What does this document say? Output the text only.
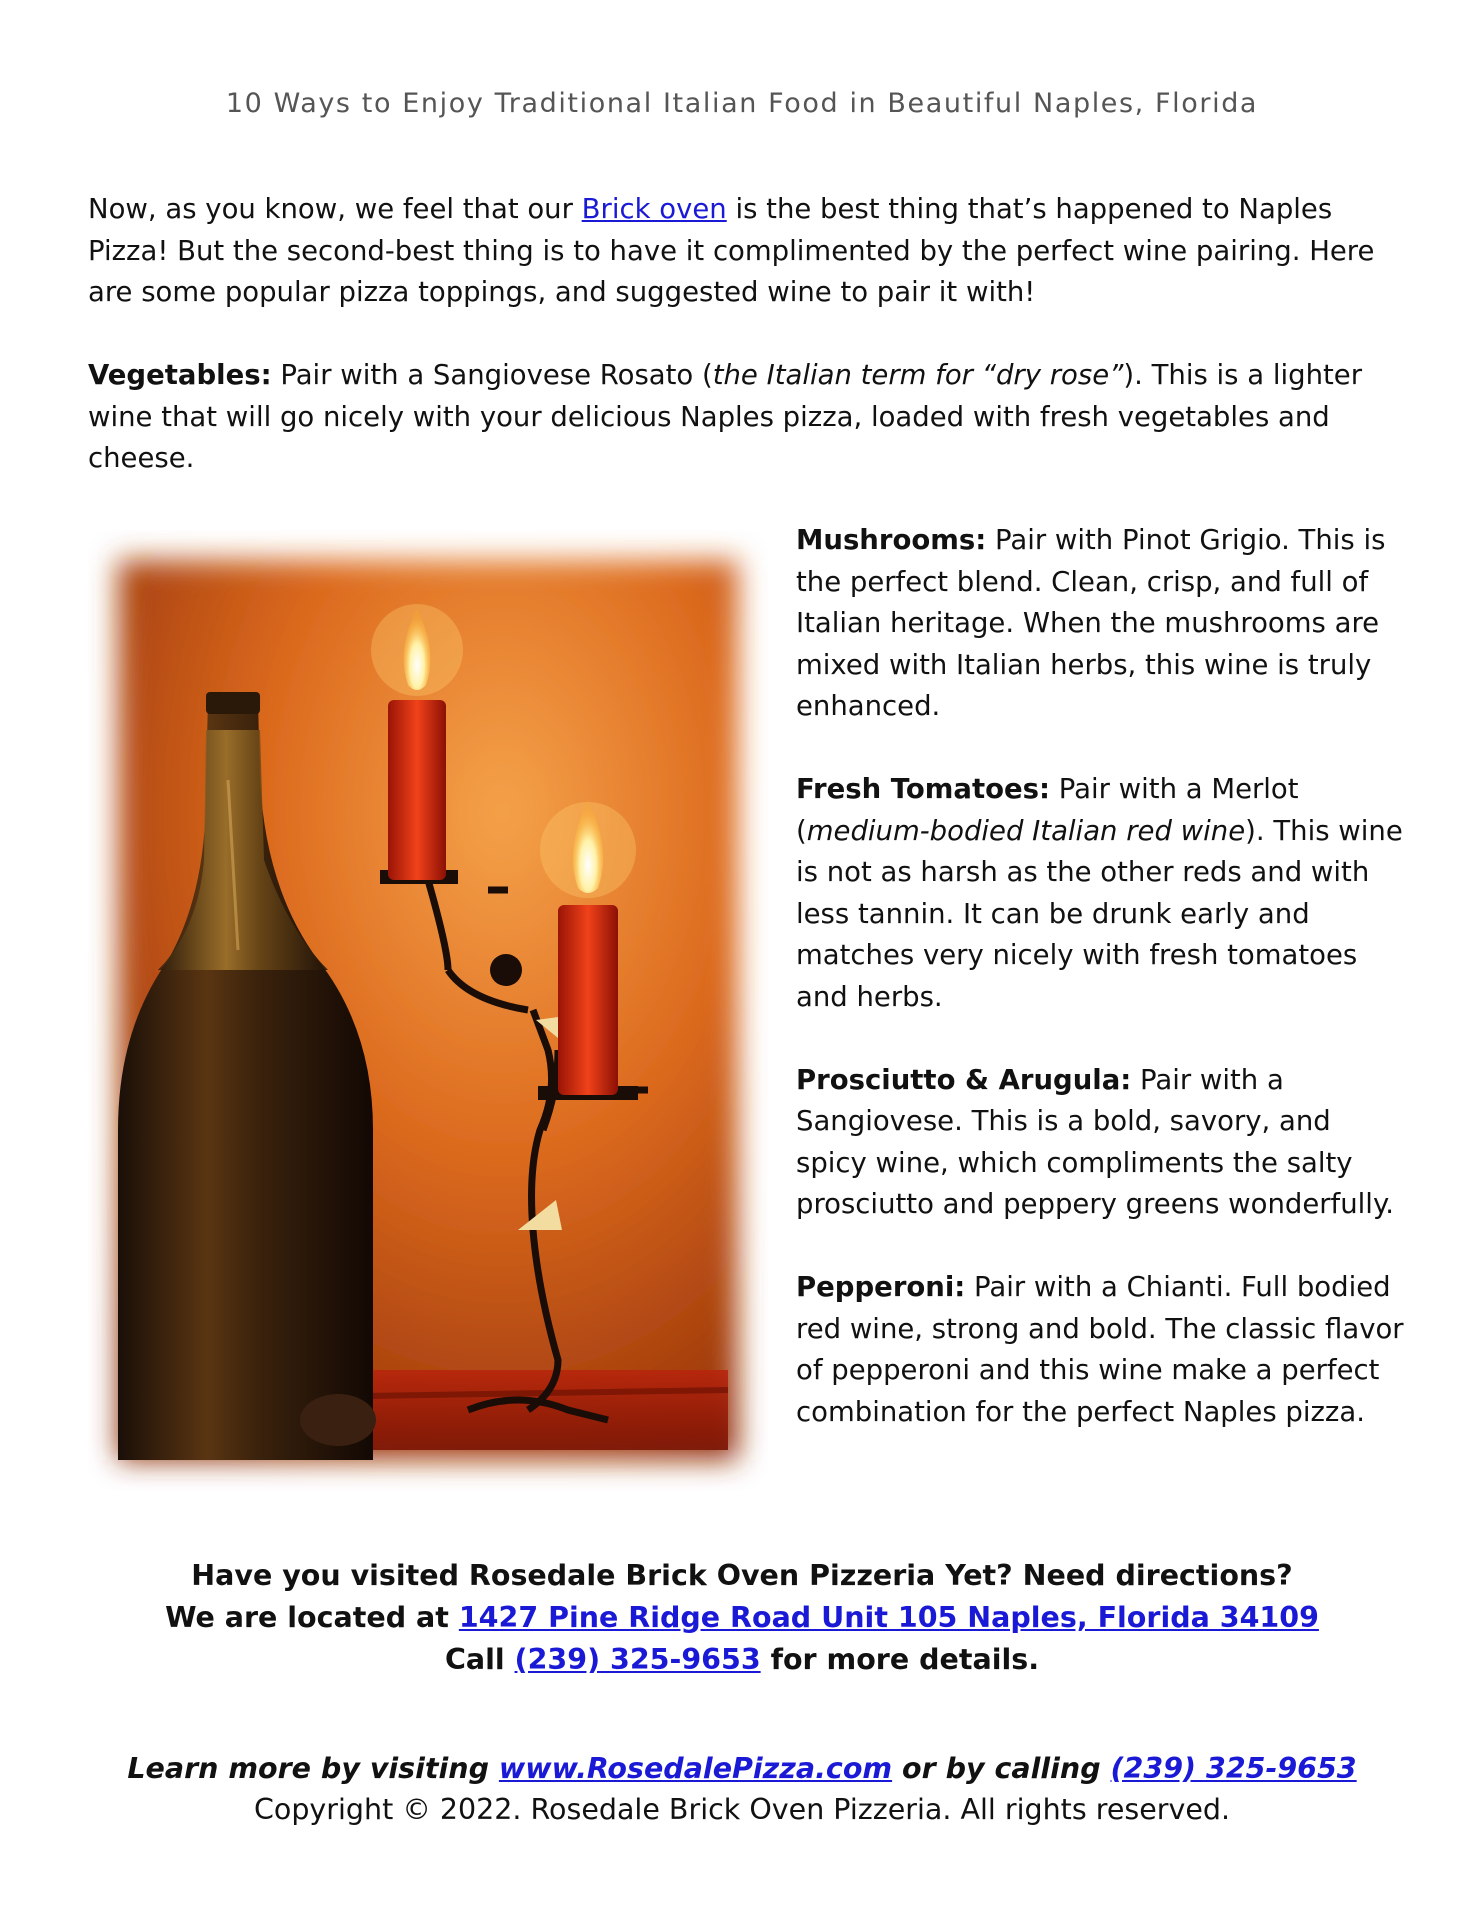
10 Ways to Enjoy Traditional Italian Food in Beautiful Naples, Florida

Now, as you know, we feel that our Brick oven is the best thing that’s happened to Naples Pizza! But the second-best thing is to have it complimented by the perfect wine pairing. Here are some popular pizza toppings, and suggested wine to pair it with!

Vegetables: Pair with a Sangiovese Rosato (the Italian term for “dry rose”). This is a lighter wine that will go nicely with your delicious Naples pizza, loaded with fresh vegetables and cheese.

Mushrooms: Pair with Pinot Grigio. This is the perfect blend. Clean, crisp, and full of Italian heritage. When the mushrooms are mixed with Italian herbs, this wine is truly enhanced.

Fresh Tomatoes: Pair with a Merlot (medium-bodied Italian red wine). This wine is not as harsh as the other reds and with less tannin. It can be drunk early and matches very nicely with fresh tomatoes and herbs.

Prosciutto & Arugula: Pair with a Sangiovese. This is a bold, savory, and spicy wine, which compliments the salty prosciutto and peppery greens wonderfully.

Pepperoni: Pair with a Chianti. Full bodied red wine, strong and bold. The classic flavor of pepperoni and this wine make a perfect combination for the perfect Naples pizza.

Have you visited Rosedale Brick Oven Pizzeria Yet? Need directions?
We are located at 1427 Pine Ridge Road Unit 105 Naples, Florida 34109
Call (239) 325-9653 for more details.
Learn more by visiting www.RosedalePizza.com or by calling (239) 325-9653
Copyright © 2022. Rosedale Brick Oven Pizzeria. All rights reserved.
